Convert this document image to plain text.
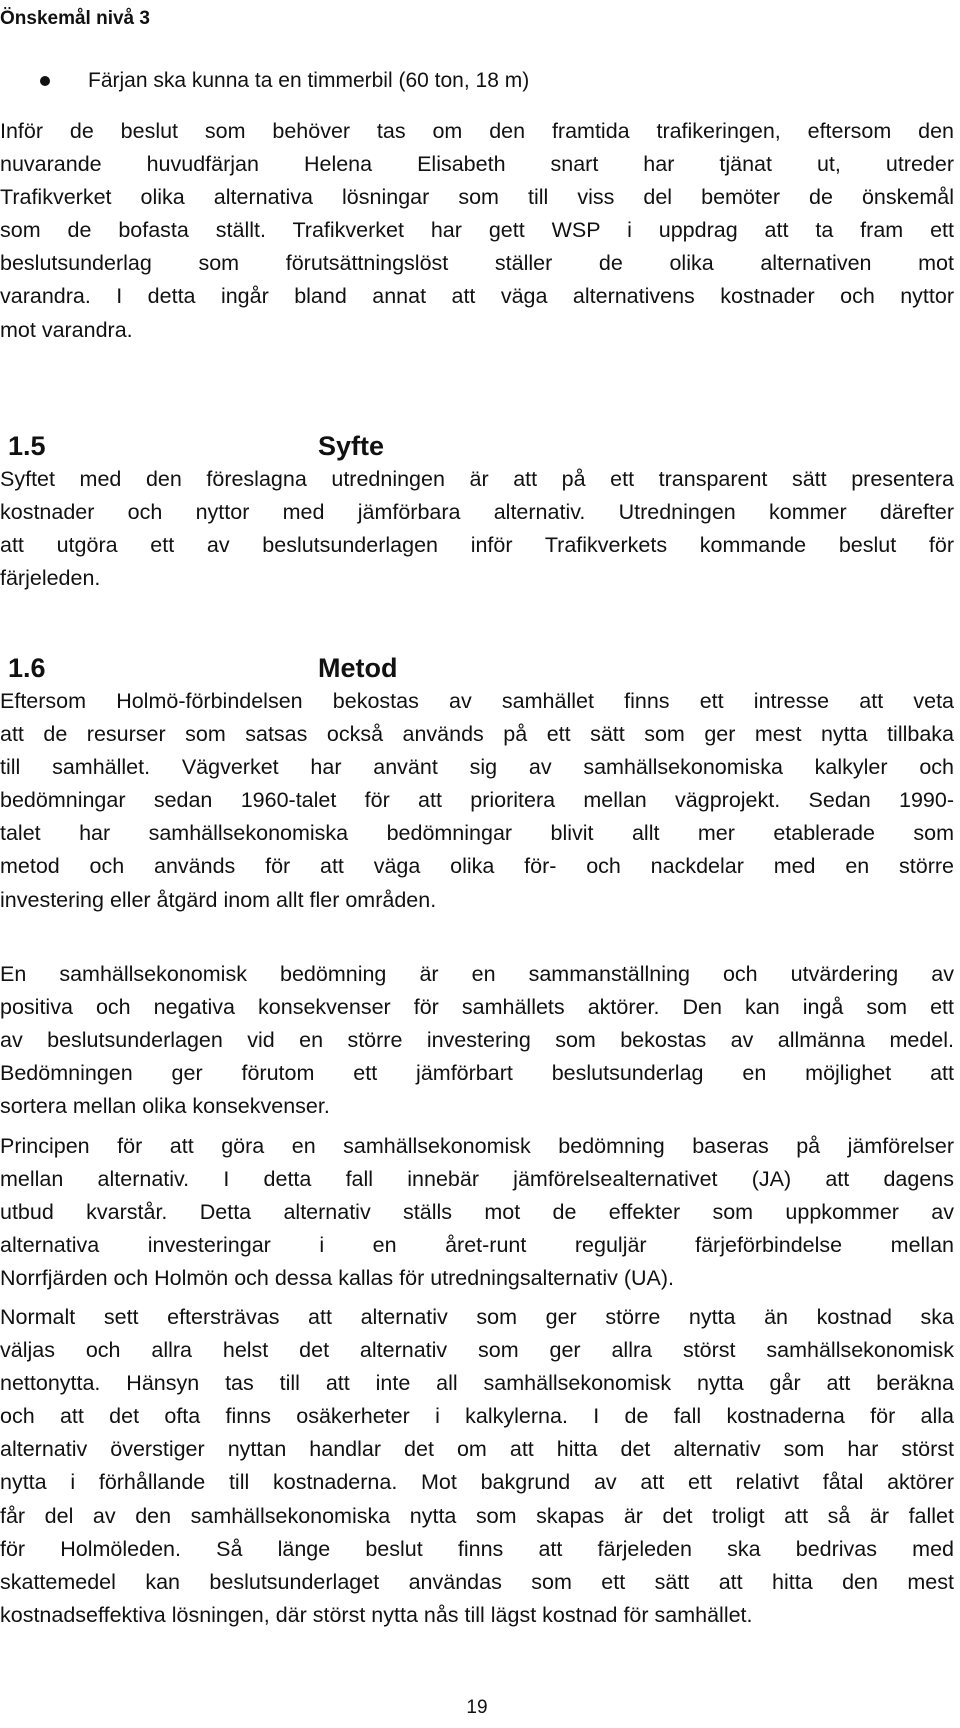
Önskemål nivå 3
Färjan ska kunna ta en timmerbil (60 ton, 18 m)
Inför de beslut som behöver tas om den framtida trafikeringen, eftersom den
nuvarande huvudfärjan Helena Elisabeth snart har tjänat ut, utreder
Trafikverket olika alternativa lösningar som till viss del bemöter de önskemål
som de bofasta ställt. Trafikverket har gett WSP i uppdrag att ta fram ett
beslutsunderlag som förutsättningslöst ställer de olika alternativen mot
varandra. I detta ingår bland annat att väga alternativens kostnader och nyttor
mot varandra.
1.5	Syfte
Syftet med den föreslagna utredningen är att på ett transparent sätt presentera
kostnader och nyttor med jämförbara alternativ. Utredningen kommer därefter
att utgöra ett av beslutsunderlagen inför Trafikverkets kommande beslut för
färjeleden.
1.6	Metod
Eftersom Holmö-förbindelsen bekostas av samhället finns ett intresse att veta
att de resurser som satsas också används på ett sätt som ger mest nytta tillbaka
till samhället. Vägverket har använt sig av samhällsekonomiska kalkyler och
bedömningar sedan 1960-talet för att prioritera mellan vägprojekt. Sedan 1990-
talet har samhällsekonomiska bedömningar blivit allt mer etablerade som
metod och används för att väga olika för- och nackdelar med en större
investering eller åtgärd inom allt fler områden.
En samhällsekonomisk bedömning är en sammanställning och utvärdering av
positiva och negativa konsekvenser för samhällets aktörer. Den kan ingå som ett
av beslutsunderlagen vid en större investering som bekostas av allmänna medel.
Bedömningen ger förutom ett jämförbart beslutsunderlag en möjlighet att
sortera mellan olika konsekvenser.
Principen för att göra en samhällsekonomisk bedömning baseras på jämförelser
mellan alternativ. I detta fall innebär jämförelsealternativet (JA) att dagens
utbud kvarstår. Detta alternativ ställs mot de effekter som uppkommer av
alternativa investeringar i en året-runt reguljär färjeförbindelse mellan
Norrfjärden och Holmön och dessa kallas för utredningsalternativ (UA).
Normalt sett eftersträvas att alternativ som ger större nytta än kostnad ska
väljas och allra helst det alternativ som ger allra störst samhällsekonomisk
nettonytta. Hänsyn tas till att inte all samhällsekonomisk nytta går att beräkna
och att det ofta finns osäkerheter i kalkylerna. I de fall kostnaderna för alla
alternativ överstiger nyttan handlar det om att hitta det alternativ som har störst
nytta i förhållande till kostnaderna. Mot bakgrund av att ett relativt fåtal aktörer
får del av den samhällsekonomiska nytta som skapas är det troligt att så är fallet
för Holmöleden. Så länge beslut finns att färjeleden ska bedrivas med
skattemedel kan beslutsunderlaget användas som ett sätt att hitta den mest
kostnadseffektiva lösningen, där störst nytta nås till lägst kostnad för samhället.
19
